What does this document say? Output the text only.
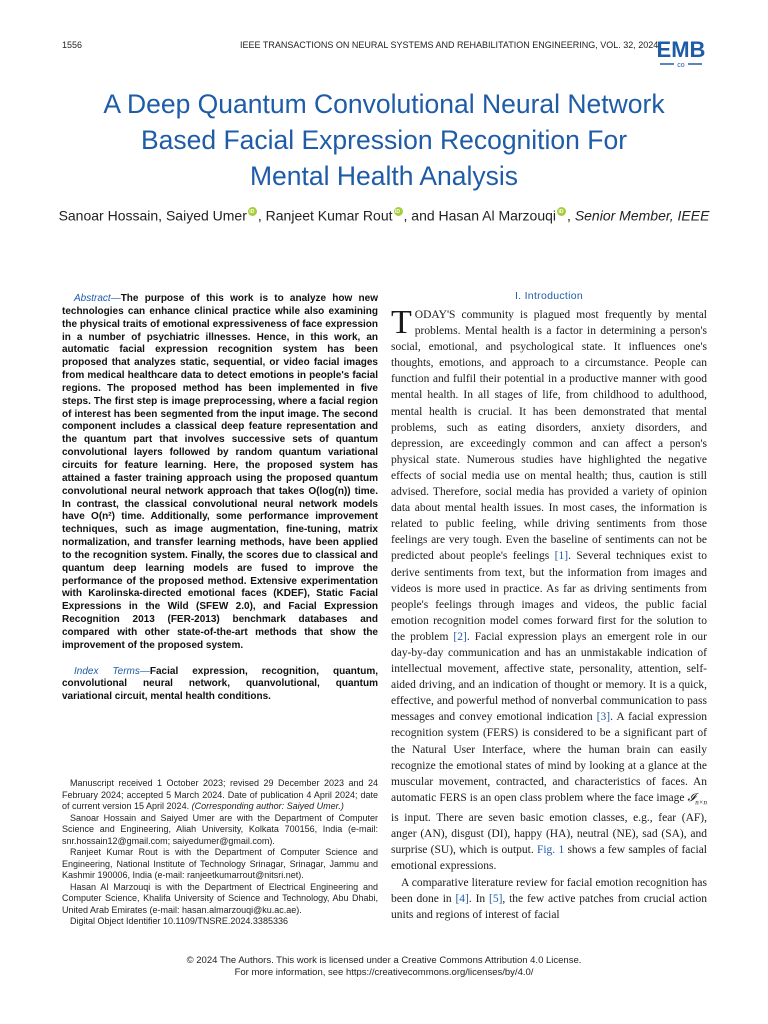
1556	IEEE TRANSACTIONS ON NEURAL SYSTEMS AND REHABILITATION ENGINEERING, VOL. 32, 2024
EMB
co
A Deep Quantum Convolutional Neural Network
Based Facial Expression Recognition For
Mental Health Analysis
Sanoar Hossain, Saiyed Umer iD , Ranjeet Kumar Rout iD , and Hasan Al Marzouqi iD , Senior Member, IEEE

Abstract—The purpose of this work is to analyze how new technologies can enhance clinical practice while also examining the physical traits of emotional expressiveness of face expression in a number of psychiatric illnesses. Hence, in this work, an automatic facial expression recognition system has been proposed that analyzes static, sequential, or video facial images from medical healthcare data to detect emotions in people's facial regions. The proposed method has been implemented in five steps. The first step is image preprocessing, where a facial region of interest has been segmented from the input image. The second component includes a classical deep feature representation and the quantum part that involves successive sets of quantum convolutional layers followed by random quantum variational circuits for feature learning. Here, the proposed system has attained a faster training approach using the proposed quantum convolutional neural network approach that takes O(log(n)) time. In contrast, the classical convolutional neural network models have O(n²) time. Additionally, some performance improvement techniques, such as image augmentation, fine-tuning, matrix normalization, and transfer learning methods, have been applied to the recognition system. Finally, the scores due to classical and quantum deep learning models are fused to improve the performance of the proposed method. Extensive experimentation with Karolinska-directed emotional faces (KDEF), Static Facial Expressions in the Wild (SFEW 2.0), and Facial Expression Recognition 2013 (FER-2013) benchmark databases and compared with other state-of-the-art methods that show the improvement of the proposed system.

Index Terms—Facial expression, recognition, quantum, convolutional neural network, quanvolutional, quantum variational circuit, mental health conditions.

Manuscript received 1 October 2023; revised 29 December 2023 and 24 February 2024; accepted 5 March 2024. Date of publication 4 April 2024; date of current version 15 April 2024. (Corresponding author: Saiyed Umer.)

Sanoar Hossain and Saiyed Umer are with the Department of Computer Science and Engineering, Aliah University, Kolkata 700156, India (e-mail: snr.hossain12@gmail.com; saiyedumer@gmail.com).

Ranjeet Kumar Rout is with the Department of Computer Science and Engineering, National Institute of Technology Srinagar, Srinagar, Jammu and Kashmir 190006, India (e-mail: ranjeetkumarrout@nitsri.net).

Hasan Al Marzouqi is with the Department of Electrical Engineering and Computer Science, Khalifa University of Science and Technology, Abu Dhabi, United Arab Emirates (e-mail: hasan.almarzouqi@ku.ac.ae).

Digital Object Identifier 10.1109/TNSRE.2024.3385336

I. Introduction

TODAY'S community is plagued most frequently by mental problems. Mental health is a factor in determining a person's social, emotional, and psychological state. It influences one's thoughts, emotions, and approach to a circumstance. People can function and fulfil their potential in a productive manner with good mental health. In all stages of life, from childhood to adulthood, mental health is crucial. It has been demonstrated that mental problems, such as eating disorders, anxiety disorders, and depression, are exceedingly common and can affect a person's physical state. Numerous studies have highlighted the negative effects of social media use on mental health; thus, caution is still advised. Therefore, social media has provided a variety of opinion data about mental health issues. In most cases, the information is related to public feeling, while driving sentiments from those feelings are very tough. Even the baseline of sentiments can not be predicted about people's feelings [1]. Several techniques exist to derive sentiments from text, but the information from images and videos is more used in practice. As far as driving sentiments from people's feelings through images and videos, the public facial emotion recognition model comes forward first for the solution to the problem [2]. Facial expression plays an emergent role in our day-by-day communication and has an unmistakable indication of intellectual movement, affective state, personality, attention, self-aided driving, and an indication of thought or memory. It is a quick, effective, and powerful method of nonverbal communication to pass messages and convey emotional indication [3]. A facial expression recognition system (FERS) is considered to be a significant part of the Natural User Interface, where the human brain can easily recognize the emotional states of mind by looking at a glance at the muscular movement, contracted, and characteristics of faces. An automatic FERS is an open class problem where the face image 𝓘$_{n\times n}$ is input. There are seven basic emotion classes, e.g., fear (AF), anger (AN), disgust (DI), happy (HA), neutral (NE), sad (SA), and surprise (SU), which is output. Fig. 1 shows a few samples of facial emotional expressions.

A comparative literature review for facial emotion recognition has been done in [4]. In [5], the few active patches from crucial action units and regions of interest of facial

© 2024 The Authors. This work is licensed under a Creative Commons Attribution 4.0 License.
For more information, see https://creativecommons.org/licenses/by/4.0/
